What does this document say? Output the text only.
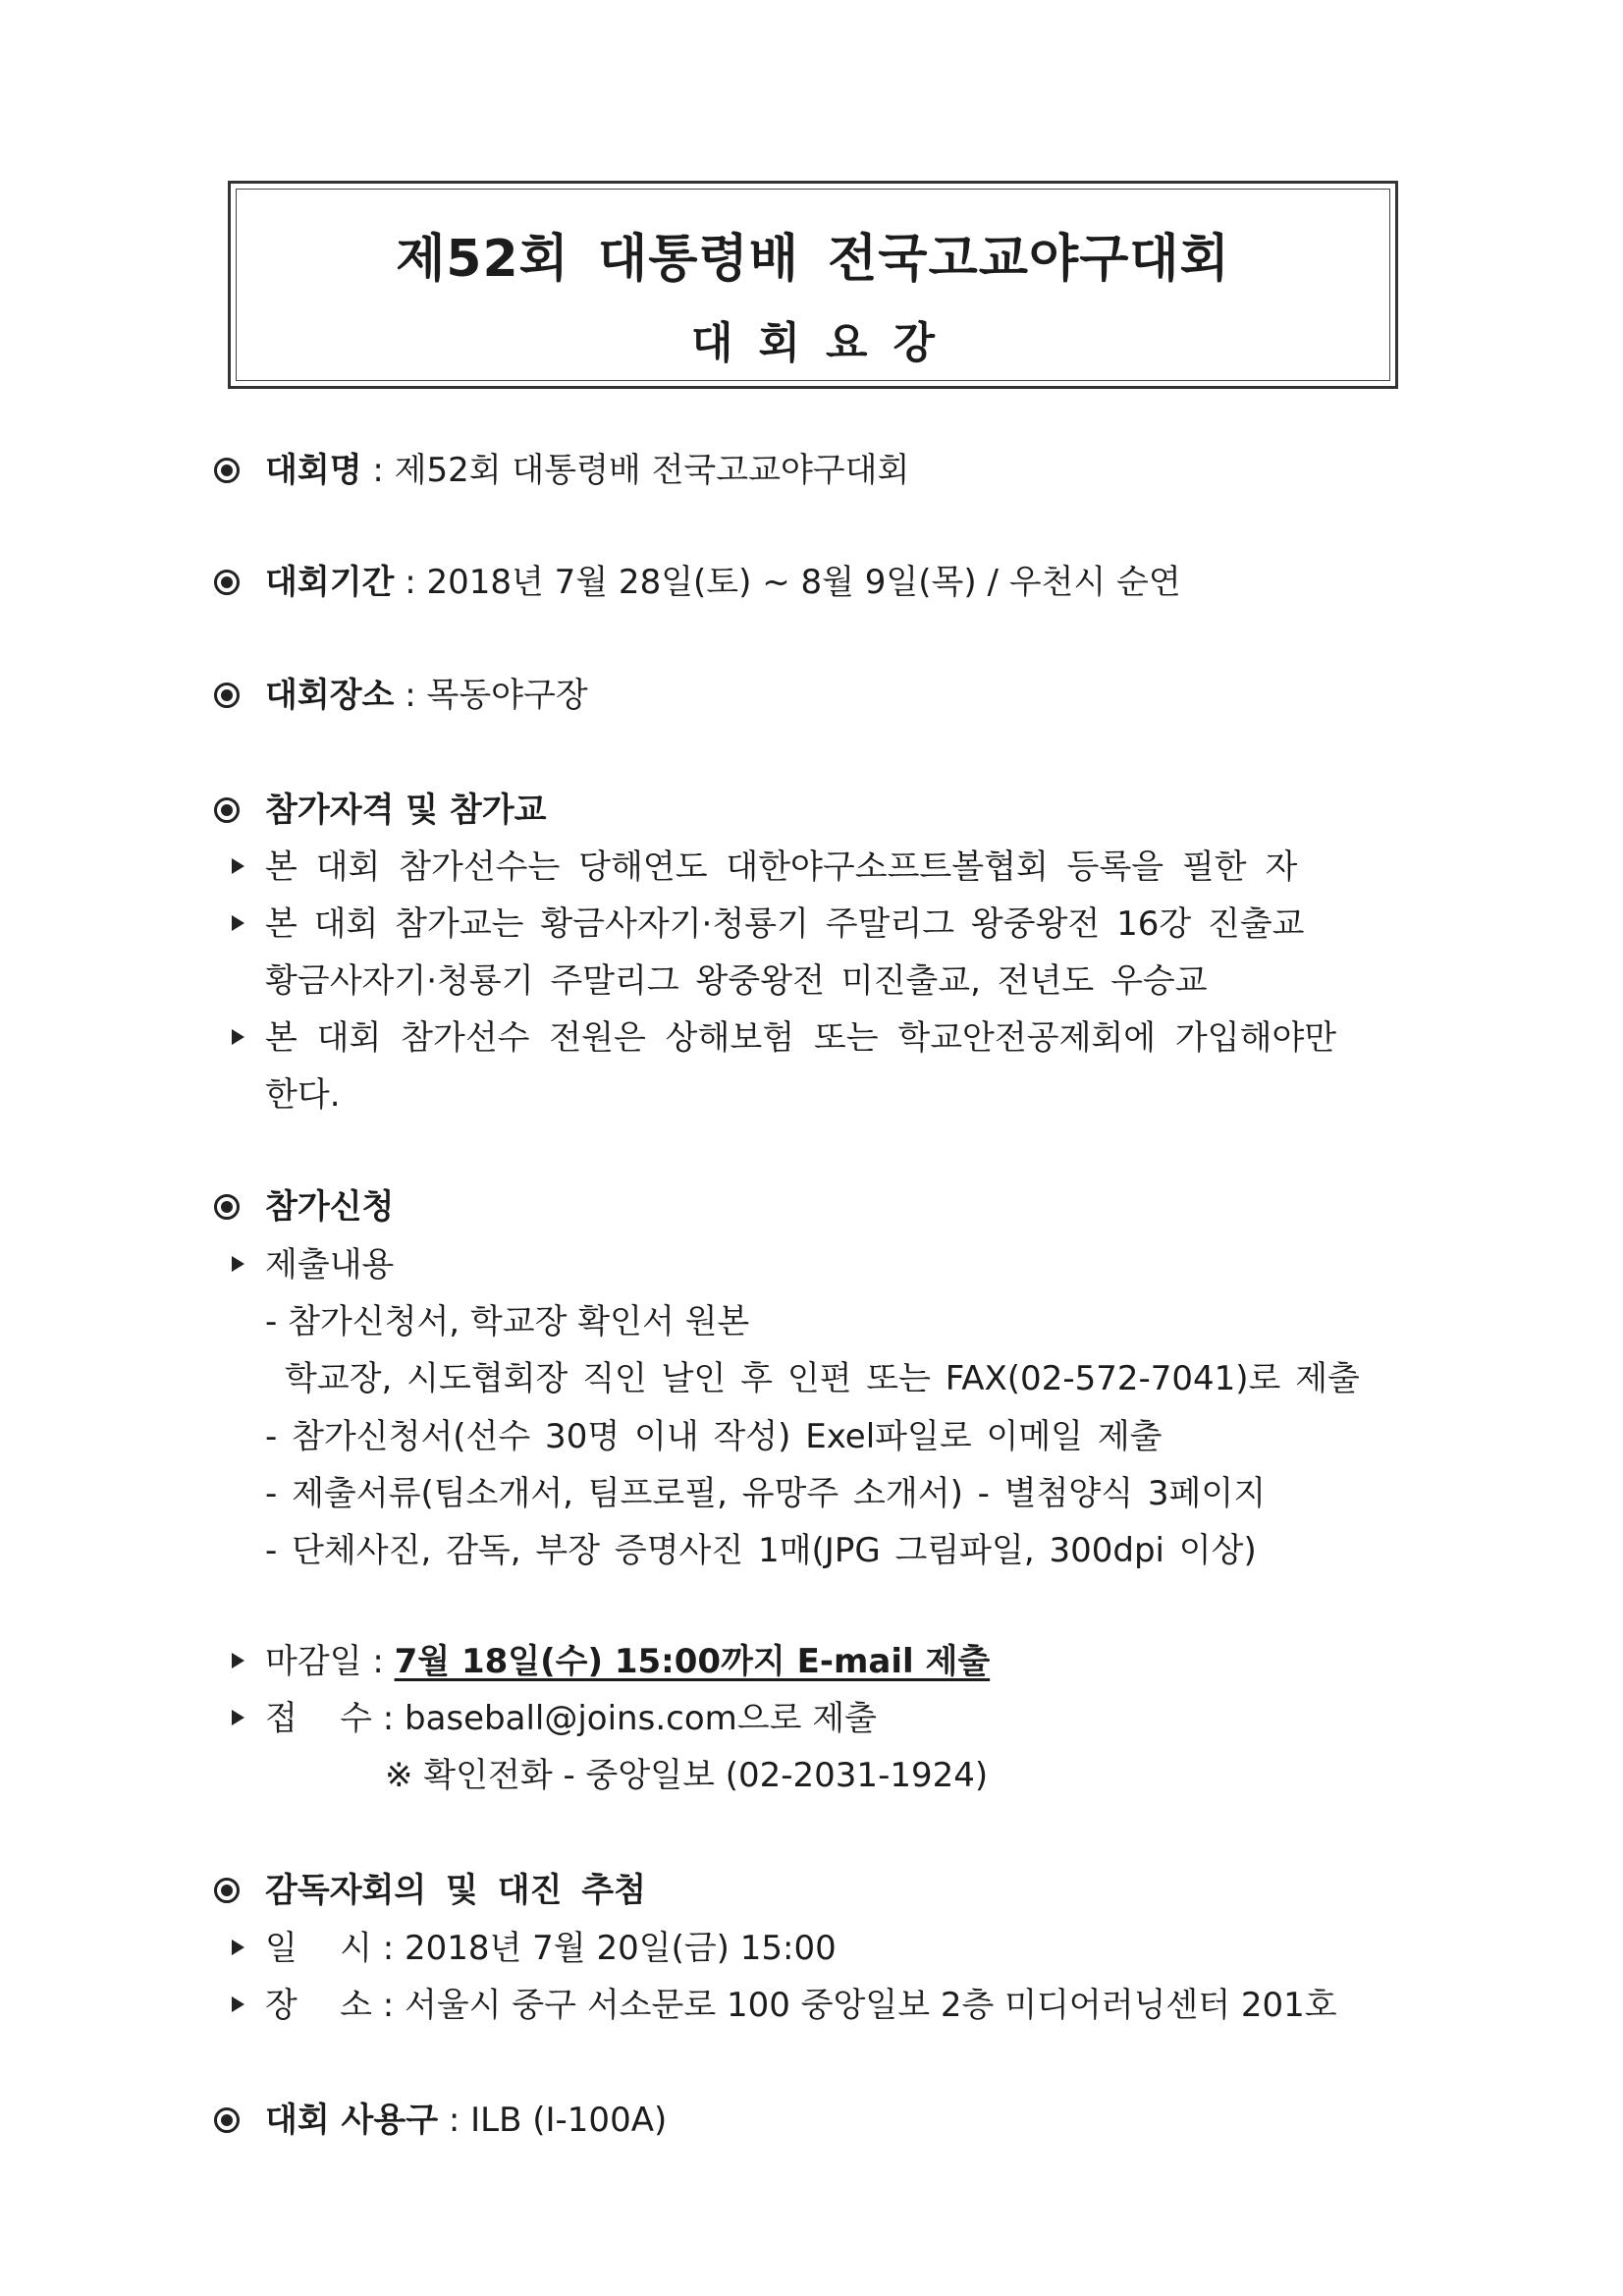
제52회 대통령배 전국고교야구대회
대회요강
대회명 : 제52회 대통령배 전국고교야구대회
대회기간 : 2018년 7월 28일(토) ~ 8월 9일(목) / 우천시 순연
대회장소 : 목동야구장
참가자격 및 참가교
본 대회 참가선수는 당해연도 대한야구소프트볼협회 등록을 필한 자
본 대회 참가교는 황금사자기·청룡기 주말리그 왕중왕전 16강 진출교
황금사자기·청룡기 주말리그 왕중왕전 미진출교, 전년도 우승교
본 대회 참가선수 전원은 상해보험 또는 학교안전공제회에 가입해야만
한다.
참가신청
제출내용
- 참가신청서, 학교장 확인서 원본
학교장, 시도협회장 직인 날인 후 인편 또는 FAX(02-572-7041)로 제출
- 참가신청서(선수 30명 이내 작성) Exel파일로 이메일 제출
- 제출서류(팀소개서, 팀프로필, 유망주 소개서) - 별첨양식 3페이지
- 단체사진, 감독, 부장 증명사진 1매(JPG 그림파일, 300dpi 이상)
마감일 : 7월 18일(수) 15:00까지 E-mail 제출
접    수 : baseball@joins.com으로 제출
※ 확인전화 - 중앙일보 (02-2031-1924)
감독자회의 및 대진 추첨
일    시 : 2018년 7월 20일(금) 15:00
장    소 : 서울시 중구 서소문로 100 중앙일보 2층 미디어러닝센터 201호
대회 사용구 : ILB (I-100A)
